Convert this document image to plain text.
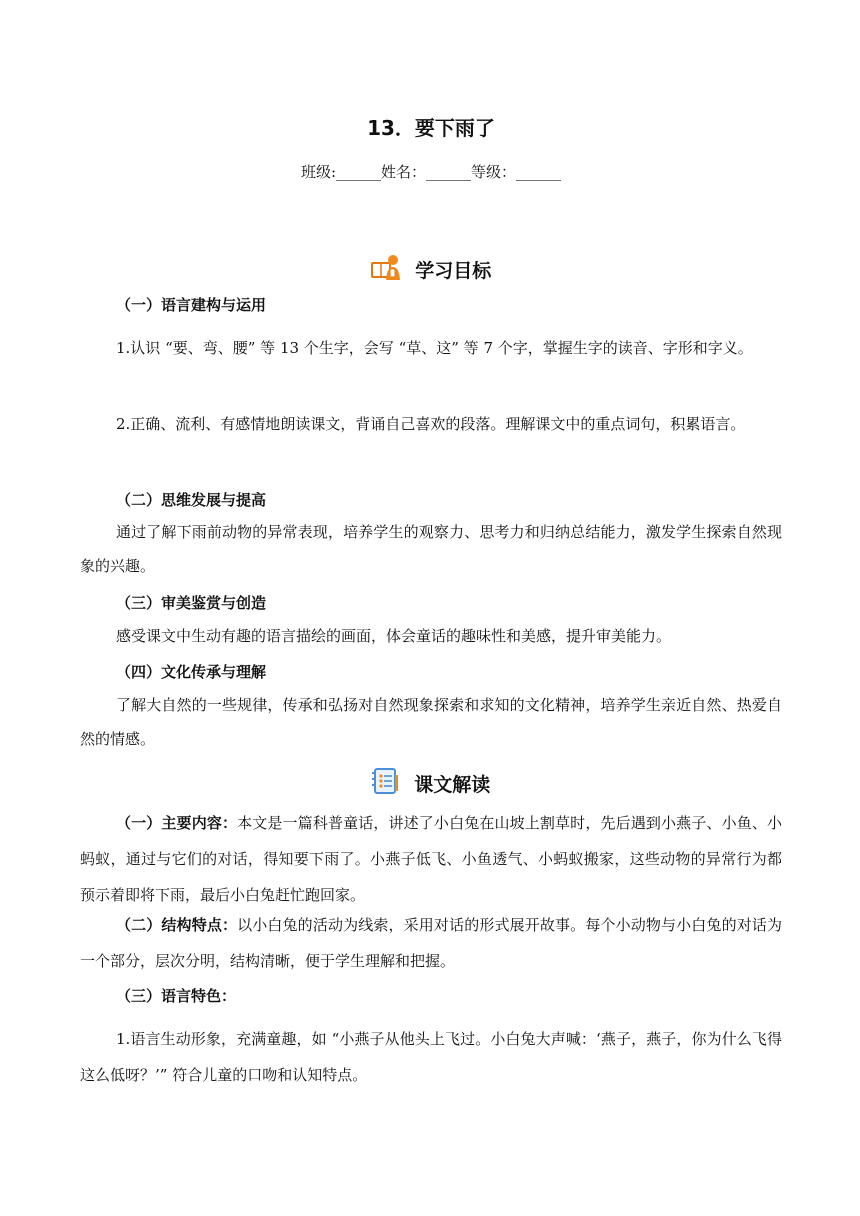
13．要下雨了
班级:______姓名：______等级：______
学习目标
（一）语言建构与运用
1.认识 “要、弯、腰” 等 13 个生字，会写 “草、这” 等 7 个字，掌握生字的读音、字形和字义。
2.正确、流利、有感情地朗读课文，背诵自己喜欢的段落。理解课文中的重点词句，积累语言。
（二）思维发展与提高
通过了解下雨前动物的异常表现，培养学生的观察力、思考力和归纳总结能力，激发学生探索自然现象的兴趣。
（三）审美鉴赏与创造
感受课文中生动有趣的语言描绘的画面，体会童话的趣味性和美感，提升审美能力。
（四）文化传承与理解
了解大自然的一些规律，传承和弘扬对自然现象探索和求知的文化精神，培养学生亲近自然、热爱自然的情感。
课文解读
（一）主要内容：本文是一篇科普童话，讲述了小白兔在山坡上割草时，先后遇到小燕子、小鱼、小蚂蚁，通过与它们的对话，得知要下雨了。小燕子低飞、小鱼透气、小蚂蚁搬家，这些动物的异常行为都预示着即将下雨，最后小白兔赶忙跑回家。
（二）结构特点：以小白兔的活动为线索，采用对话的形式展开故事。每个小动物与小白兔的对话为一个部分，层次分明，结构清晰，便于学生理解和把握。
（三）语言特色：
1.语言生动形象，充满童趣，如 “小燕子从他头上飞过。小白兔大声喊：‘燕子，燕子，你为什么飞得这么低呀？’” 符合儿童的口吻和认知特点。
